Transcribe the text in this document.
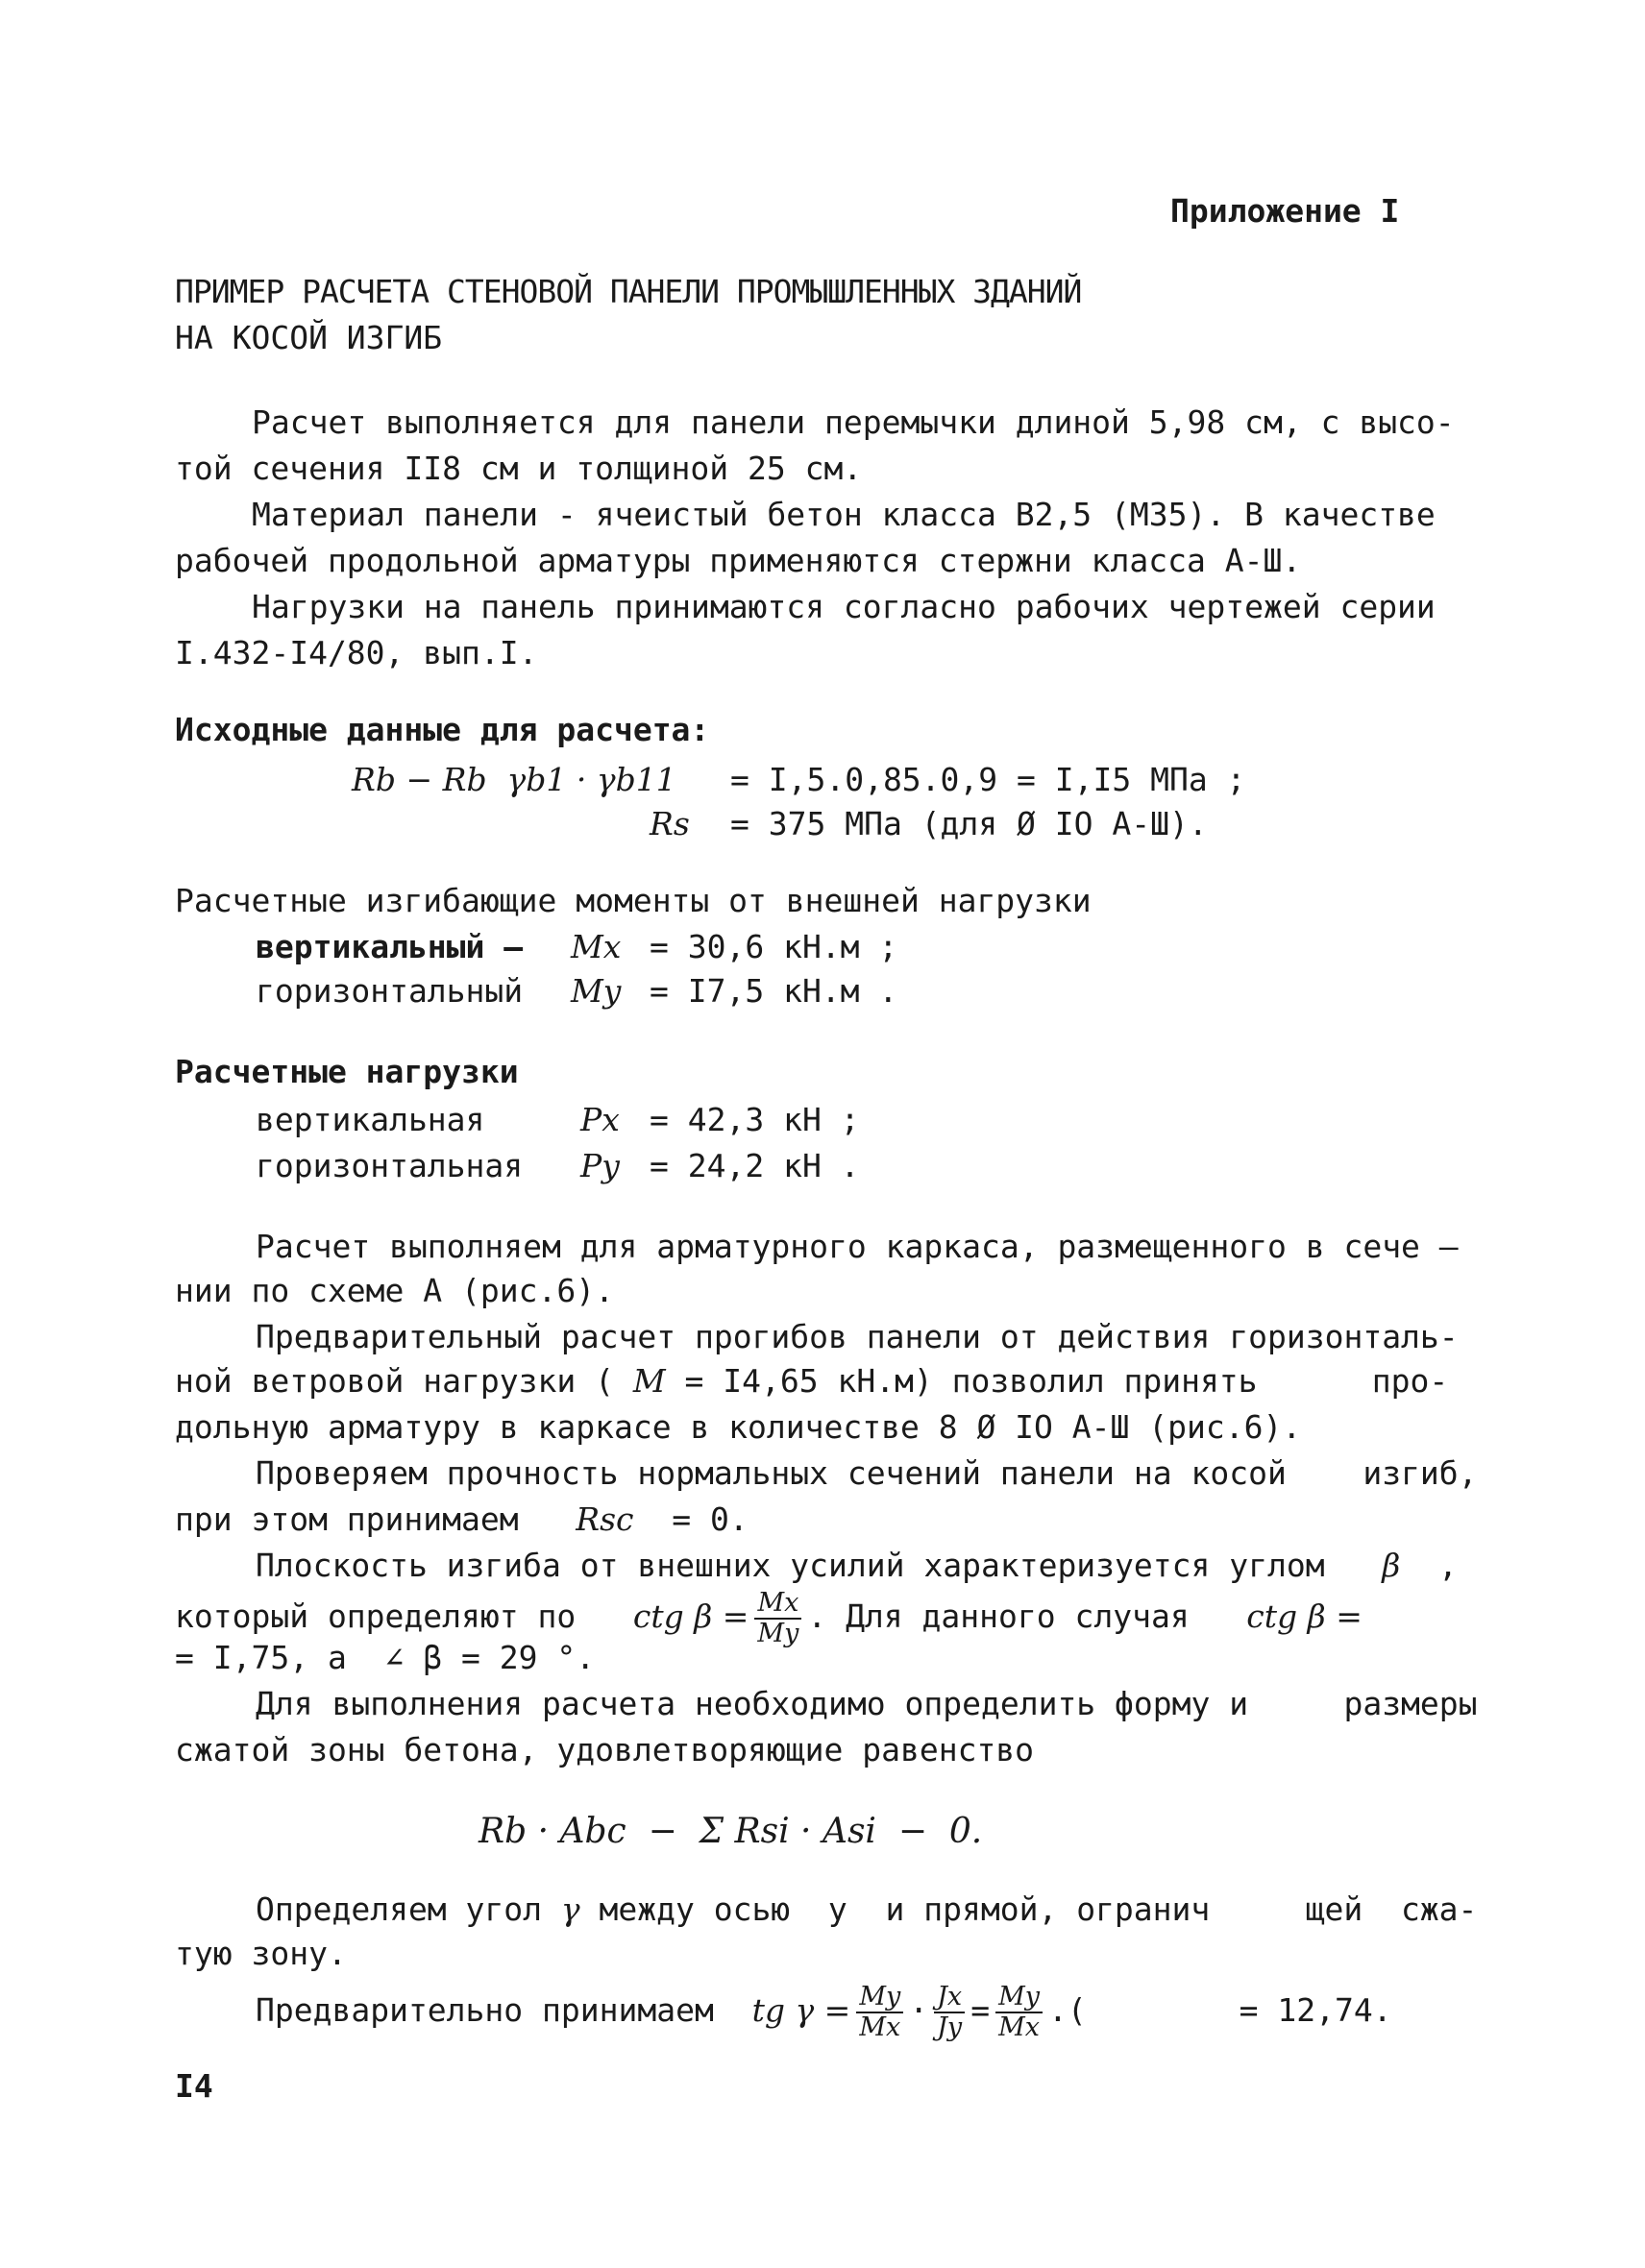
Приложение I
ПРИМЕР РАСЧЕТА СТЕНОВОЙ ПАНЕЛИ ПРОМЫШЛЕННЫХ ЗДАНИЙ
НА КОСОЙ ИЗГИБ
Расчет выполняется для панели перемычки длиной 5,98 см, с высо-
той сечения II8 см и толщиной 25 см.
Материал панели - ячеистый бетон класса В2,5 (М35). В качестве
рабочей продольной арматуры применяются стержни класса А-Ш.
Нагрузки на панель принимаются согласно рабочих чертежей серии
I.432-I4/80, вып.I.
Исходные данные для расчета:
Rb − Rb  γb1 · γb11 = I,5.0,85.0,9 = I,I5 МПа ;
Rs = 375 МПа (для Ø IO А-Ш).
Расчетные изгибающие моменты от внешней нагрузки
вертикальный – Mx = 30,6 кН.м ;
горизонтальный My = I7,5 кН.м .
Расчетные нагрузки
вертикальная	Px = 42,3 кН ;
горизонтальная Py = 24,2 кН .
Расчет выполняем для арматурного каркаса, размещенного в сече –
нии по схеме А (рис.6).
Предварительный расчет прогибов панели от действия горизонталь-
ной ветровой нагрузки ( M = I4,65 кН.м) позволил принять      про-
дольную арматуру в каркасе в количестве 8 Ø IO А-Ш (рис.6).
Проверяем прочность нормальных сечений панели на косой    изгиб,
при этом принимаем Rsc = 0.
Плоскость изгиба от внешних усилий характеризуется углом β  ,
который определяют по ctg $\beta = \frac{Mx}{My}$ . Для данного случая ctg β =
= I,75, а  ∠ β = 29 °.
Для выполнения расчета необходимо определить форму и     размеры
сжатой зоны бетона, удовлетворяющие равенство
Rb · Abc  −  Σ Rsi · Asi  −  0.
Определяем угол γ между осью  y  и прямой, огранич     щей  сжа-
тую зону.
Предварительно принимаем tg $\gamma = \frac{My}{Mx} \cdot \frac{Jx}{Jy} = \frac{My}{Mx}$ .(        = 12,74.
I4
